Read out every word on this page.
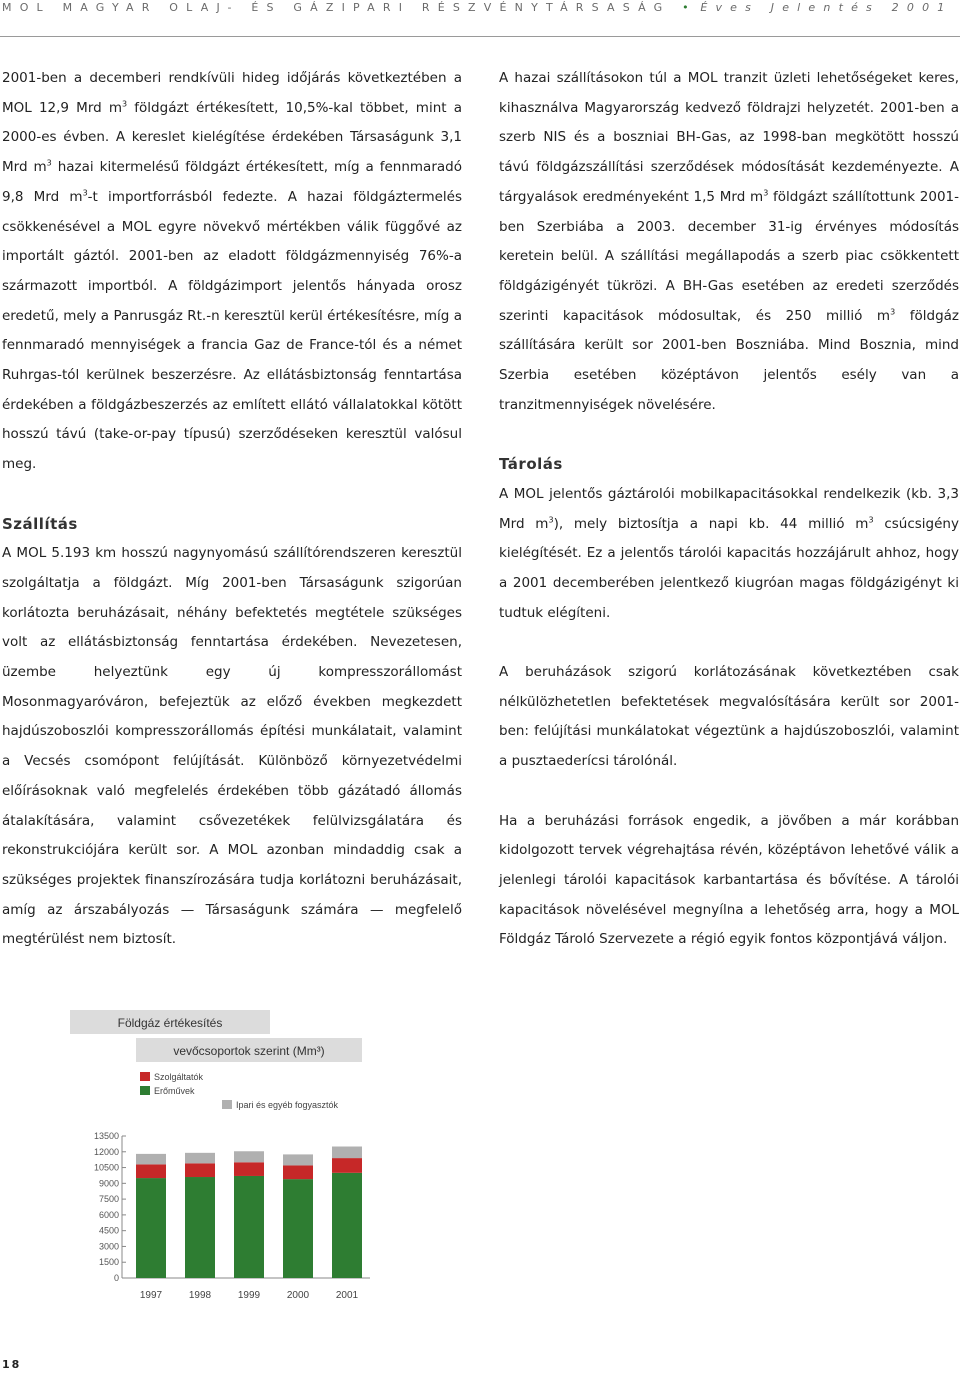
MOL MAGYAR OLAJ- ÉS GÁZIPARI RÉSZVÉNYTÁRSASÁG • Éves Jelentés 2001

2001-ben a decemberi rendkívüli hideg időjárás következtében a MOL 12,9 Mrd $m^3$ földgázt értékesített, 10,5%-kal többet, mint a 2000-es évben. A kereslet kielégítése érdekében Társaságunk 3,1 Mrd $m^3$ hazai kitermelésű földgázt értékesített, míg a fennmaradó 9,8 Mrd $m^3-t$ importforrásból fedezte. A hazai földgáztermelés csökkenésével a MOL egyre növekvő mértékben válik függővé az importált gáztól. 2001-ben az eladott földgázmennyiség 76%-a származott importból. A földgázimport jelentős hányada orosz eredetű, mely a Panrusgáz Rt.-n keresztül kerül értékesítésre, míg a fennmaradó mennyiségek a francia Gaz de France-tól és a német Ruhrgas-tól kerülnek beszerzésre. Az ellátásbiztonság fenntartása érdekében a földgázbeszerzés az említett ellátó vállalatokkal kötött hosszú távú (take-or-pay típusú) szerződéseken keresztül valósul meg.

Szállítás

A MOL 5.193 km hosszú nagynyomású szállítórendszeren keresztül szolgáltatja a földgázt. Míg 2001-ben Társaságunk szigorúan korlátozta beruházásait, néhány befektetés megtétele szükséges volt az ellátásbiztonság fenntartása érdekében. Nevezetesen, üzembe helyeztünk egy új kompresszorállomást Mosonmagyaróváron, befejeztük az előző években megkezdett hajdúszoboszlói kompresszorállomás építési munkálatait, valamint a Vecsés csomópont felújítását. Különböző környezetvédelmi előírásoknak való megfelelés érdekében több gázátadó állomás átalakítására, valamint csővezetékek felülvizsgálatára és rekonstrukciójára került sor. A MOL azonban mindaddig csak a szükséges projektek finanszírozására tudja korlátozni beruházásait, amíg az árszabályozás — Társaságunk számára — megfelelő megtérülést nem biztosít.

A hazai szállításokon túl a MOL tranzit üzleti lehetőségeket keres, kihasználva Magyarország kedvező földrajzi helyzetét. 2001-ben a szerb NIS és a boszniai BH-Gas, az 1998-ban megkötött hosszú távú földgázszállítási szerződések módosítását kezdeményezte. A tárgyalások eredményeként 1,5 Mrd $m^3$ földgázt szállítottunk 2001-ben Szerbiába a 2003. december 31-ig érvényes módosítás keretein belül. A szállítási megállapodás a szerb piac csökkentett földgázigényét tükrözi. A BH-Gas esetében az eredeti szerződés szerinti kapacitások módosultak, és 250 millió $m^3$ földgáz szállítására került sor 2001-ben Boszniába. Mind Bosznia, mind Szerbia esetében középtávon jelentős esély van a tranzitmennyiségek növelésére.

Tárolás

A MOL jelentős gáztárolói mobilkapacitásokkal rendelkezik (kb. 3,3 Mrd $m^3$), mely biztosítja a napi kb. 44 millió $m^3$ csúcsigény kielégítését. Ez a jelentős tárolói kapacitás hozzájárult ahhoz, hogy a 2001 decemberében jelentkező kiugróan magas földgázigényt ki tudtuk elégíteni.

A beruházások szigorú korlátozásának következtében csak nélkülözhetetlen befektetések megvalósítására került sor 2001-ben: felújítási munkálatokat végeztünk a hajdúszoboszlói, valamint a pusztaederícsi tárolónál.

Ha a beruházási források engedik, a jövőben a már korábban kidolgozott tervek végrehajtása révén, középtávon lehetővé válik a jelenlegi tárolói kapacitások karbantartása és bővítése. A tárolói kapacitások növelésével megnyílna a lehetőség arra, hogy a MOL Földgáz Tároló Szervezete a régió egyik fontos központjává váljon.

Földgáz értékesítés
vevőcsoportok szerint (Mm³)
Szolgáltatók
Erőművek
Ipari és egyéb fogyasztók
0
1500
3000
4500
6000
7500
9000
10500
12000
13500
1997	1998	1999	2000	2001
18
